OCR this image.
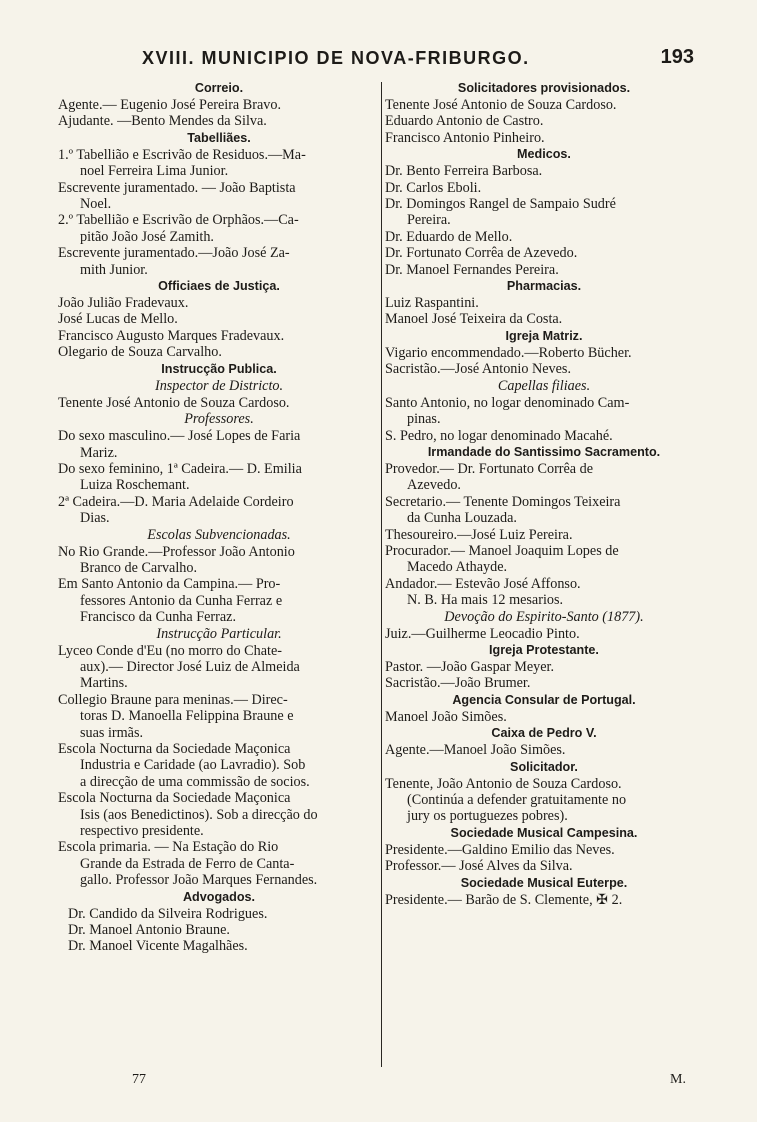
XVIII. MUNICIPIO DE NOVA-FRIBURGO.	193
Correio.
Agente.— Eugenio José Pereira Bravo.
Ajudante. —Bento Mendes da Silva.
Tabelliães.
1.º Tabellião e Escrivão de Residuos.—Ma-
noel Ferreira Lima Junior.
Escrevente juramentado. — João Baptista
Noel.
2.º Tabellião e Escrivão de Orphãos.—Ca-
pitão João José Zamith.
Escrevente juramentado.—João José Za-
mith Junior.
Officiaes de Justiça.
João Julião Fradevaux.
José Lucas de Mello.
Francisco Augusto Marques Fradevaux.
Olegario de Souza Carvalho.
Instrucção Publica.
Inspector de Districto.
Tenente José Antonio de Souza Cardoso.
Professores.
Do sexo masculino.— José Lopes de Faria
Mariz.
Do sexo feminino, 1ª Cadeira.— D. Emilia
Luiza Roschemant.
2ª Cadeira.—D. Maria Adelaide Cordeiro
Dias.
Escolas Subvencionadas.
No Rio Grande.—Professor João Antonio
Branco de Carvalho.
Em Santo Antonio da Campina.— Pro-
fessores Antonio da Cunha Ferraz e
Francisco da Cunha Ferraz.
Instrucção Particular.
Lyceo Conde d'Eu (no morro do Chate-
aux).— Director José Luiz de Almeida
Martins.
Collegio Braune para meninas.— Direc-
toras D. Manoella Felippina Braune e
suas irmãs.
Escola Nocturna da Sociedade Maçonica
Industria e Caridade (ao Lavradio). Sob
a direcção de uma commissão de socios.
Escola Nocturna da Sociedade Maçonica
Isis (aos Benedictinos). Sob a direcção do
respectivo presidente.
Escola primaria. — Na Estação do Rio
Grande da Estrada de Ferro de Canta-
gallo. Professor João Marques Fernandes.
Advogados.
Dr. Candido da Silveira Rodrigues.
Dr. Manoel Antonio Braune.
Dr. Manoel Vicente Magalhães.
Solicitadores provisionados.
Tenente José Antonio de Souza Cardoso.
Eduardo Antonio de Castro.
Francisco Antonio Pinheiro.
Medicos.
Dr. Bento Ferreira Barbosa.
Dr. Carlos Eboli.
Dr. Domingos Rangel de Sampaio Sudré
Pereira.
Dr. Eduardo de Mello.
Dr. Fortunato Corrêa de Azevedo.
Dr. Manoel Fernandes Pereira.
Pharmacias.
Luiz Raspantini.
Manoel José Teixeira da Costa.
Igreja Matriz.
Vigario encommendado.—Roberto Bücher.
Sacristão.—José Antonio Neves.
Capellas filiaes.
Santo Antonio, no logar denominado Cam-
pinas.
S. Pedro, no logar denominado Macahé.
Irmandade do Santissimo Sacramento.
Provedor.— Dr. Fortunato Corrêa de
Azevedo.
Secretario.— Tenente Domingos Teixeira
da Cunha Louzada.
Thesoureiro.—José Luiz Pereira.
Procurador.— Manoel Joaquim Lopes de
Macedo Athayde.
Andador.— Estevão José Affonso.
N. B. Ha mais 12 mesarios.
Devoção do Espirito-Santo (1877).
Juiz.—Guilherme Leocadio Pinto.
Igreja Protestante.
Pastor. —João Gaspar Meyer.
Sacristão.—João Brumer.
Agencia Consular de Portugal.
Manoel João Simões.
Caixa de Pedro V.
Agente.—Manoel João Simões.
Solicitador.
Tenente, João Antonio de Souza Cardoso.
(Continúa a defender gratuitamente no
jury os portuguezes pobres).
Sociedade Musical Campesina.
Presidente.—Galdino Emilio das Neves.
Professor.— José Alves da Silva.
Sociedade Musical Euterpe.
Presidente.— Barão de S. Clemente, ✠ 2.
77	M.
